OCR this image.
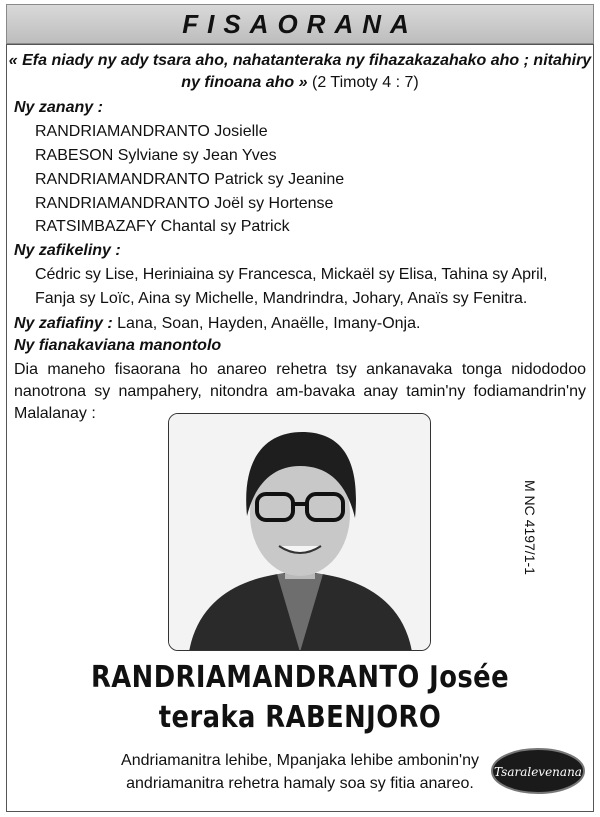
FISAORANA
« Efa niady ny ady tsara aho, nahatanteraka ny fihazakazahako aho ; nitahiry ny finoana aho » (2 Timoty 4 : 7)
Ny zanany :
RANDRIAMANDRANTO Josielle
RABESON Sylviane sy Jean Yves
RANDRIAMANDRANTO Patrick sy Jeanine
RANDRIAMANDRANTO Joël sy Hortense
RATSIMBAZAFY Chantal sy Patrick
Ny zafikeliny :
Cédric sy Lise, Heriniaina sy Francesca, Mickaël sy Elisa, Tahina sy April,
Fanja sy Loïc, Aina sy Michelle, Mandrindra, Johary, Anaïs sy Fenitra.
Ny zafiafiny : Lana, Soan, Hayden, Anaëlle, Imany-Onja.
Ny fianakaviana manontolo
Dia maneho fisaorana ho anareo rehetra tsy ankanavaka tonga nidododoo nanotrona sy nampahery, nitondra am-bavaka anay tamin'ny fodiamandrin'ny Malalanay :
M NC 4197/1-1
RANDRIAMANDRANTO Josée
teraka RABENJORO
Andriamanitra lehibe, Mpanjaka lehibe ambonin'ny
andriamanitra rehetra hamaly soa sy fitia anareo.
Tsaralevenana
